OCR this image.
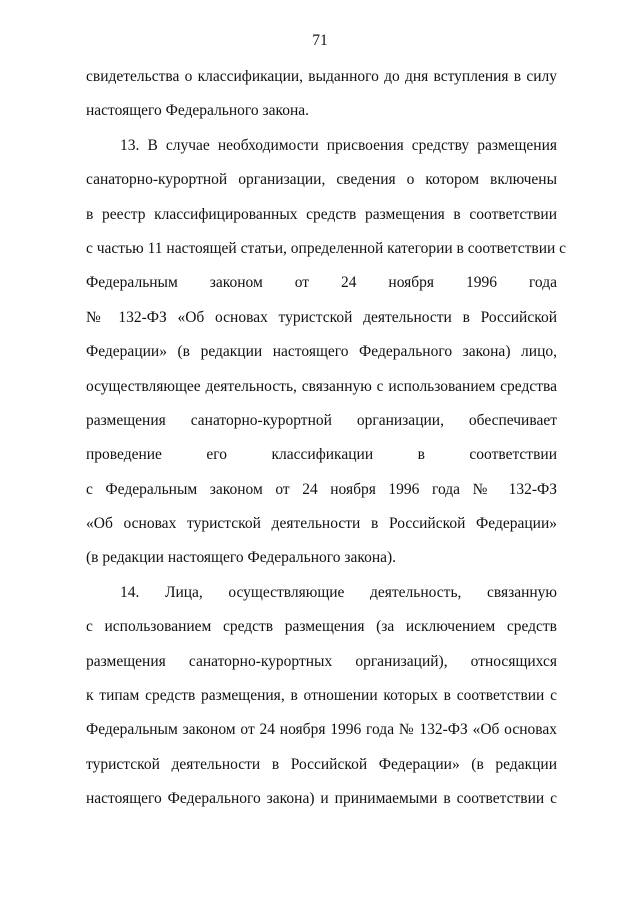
71
свидетельства о классификации, выданного до дня вступления в силу
настоящего Федерального закона.
13. В случае необходимости присвоения средству размещения
санаторно-курортной организации, сведения о котором включены
в реестр классифицированных средств размещения в соответствии
с частью 11 настоящей статьи, определенной категории в соответствии с
Федеральным законом от 24 ноября 1996 года
№ 132-ФЗ «Об основах туристской деятельности в Российской
Федерации» (в редакции настоящего Федерального закона) лицо,
осуществляющее деятельность, связанную с использованием средства
размещения санаторно-курортной организации, обеспечивает
проведение его классификации в соответствии
с Федеральным законом от 24 ноября 1996 года № 132-ФЗ
«Об основах туристской деятельности в Российской Федерации»
(в редакции настоящего Федерального закона).
14. Лица, осуществляющие деятельность, связанную
с использованием средств размещения (за исключением средств
размещения санаторно-курортных организаций), относящихся
к типам средств размещения, в отношении которых в соответствии с
Федеральным законом от 24 ноября 1996 года № 132-ФЗ «Об основах
туристской деятельности в Российской Федерации» (в редакции
настоящего Федерального закона) и принимаемыми в соответствии с
